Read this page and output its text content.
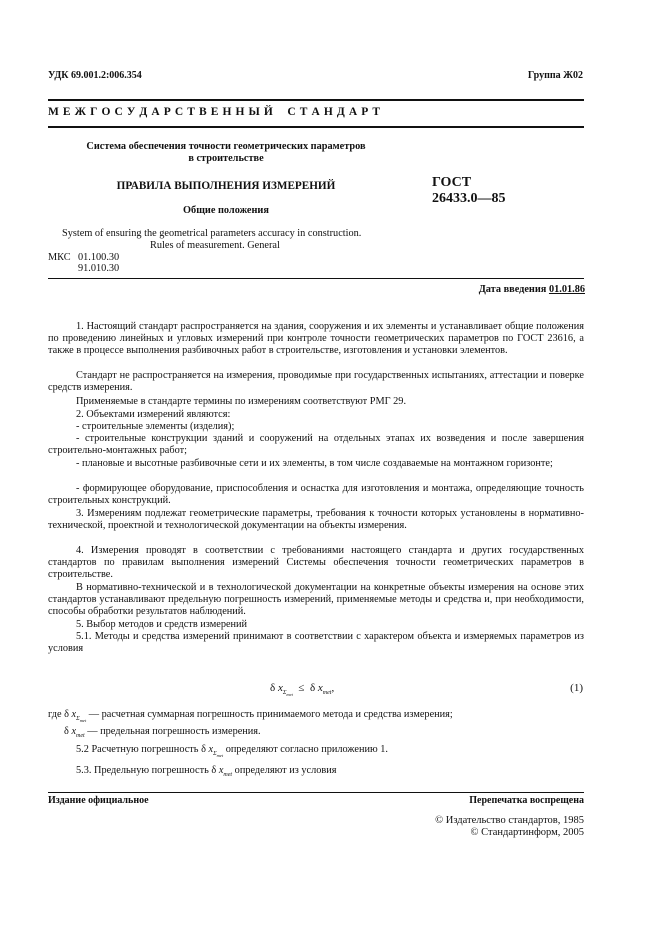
УДК 69.001.2:006.354	Группа Ж02
М Е Ж Г О С У Д А Р С Т В Е Н Н Ы Й    С Т А Н Д А Р Т
Система обеспечения точности геометрических параметров
в строительстве
ПРАВИЛА ВЫПОЛНЕНИЯ ИЗМЕРЕНИЙ
Общие положения
ГОСТ
26433.0—85
System of ensuring the geometrical parameters accuracy in construction.
Rules of measurement. General
МКС 01.100.30
91.010.30
Дата введения 01.01.86
1. Настоящий стандарт распространяется на здания, сооружения и их элементы и устанавливает общие положения по проведению линейных и угловых измерений при контроле точности геометрических параметров по ГОСТ 23616, а также в процессе выполнения разбивочных работ в строительстве, изготовления и установки элементов.
Стандарт не распространяется на измерения, проводимые при государственных испытаниях, аттестации и поверке средств измерения.
Применяемые в стандарте термины по измерениям соответствуют РМГ 29.
2. Объектами измерений являются:
- строительные элементы (изделия);
- строительные конструкции зданий и сооружений на отдельных этапах их возведения и после завершения строительно-монтажных работ;
- плановые и высотные разбивочные сети и их элементы, в том числе создаваемые на монтажном горизонте;
- формирующее оборудование, приспособления и оснастка для изготовления и монтажа, определяющие точность строительных конструкций.
3. Измерениям подлежат геометрические параметры, требования к точности которых установлены в нормативно-технической, проектной и технологической документации на объекты измерения.
4. Измерения проводят в соответствии с требованиями настоящего стандарта и других государственных стандартов по правилам выполнения измерений Системы обеспечения точности геометрических параметров в строительстве.
В нормативно-технической и в технологической документации на конкретные объекты измерения на основе этих стандартов устанавливают предельную погрешность измерений, применяемые методы и средства и, при необходимости, способы обработки результатов наблюдений.
5. Выбор методов и средств измерений
5.1. Методы и средства измерений принимают в соответствии с характером объекта и измеряемых параметров из условия
δ $x_{\Sigma_{met}} \le \delta$ $x_{met}$,	(1)
где δ $x_{\Sigma_{met}}$ — расчетная суммарная погрешность принимаемого метода и средства измерения;
δ $x_{met}$ — предельная погрешность измерения.
5.2 Расчетную погрешность δ $x_{\Sigma_{met}}$ определяют согласно приложению 1.
5.3. Предельную погрешность δ $x_{met}$ определяют из условия
Издание официальное	Перепечатка воспрещена
© Издательство стандартов, 1985
© Стандартинформ, 2005
